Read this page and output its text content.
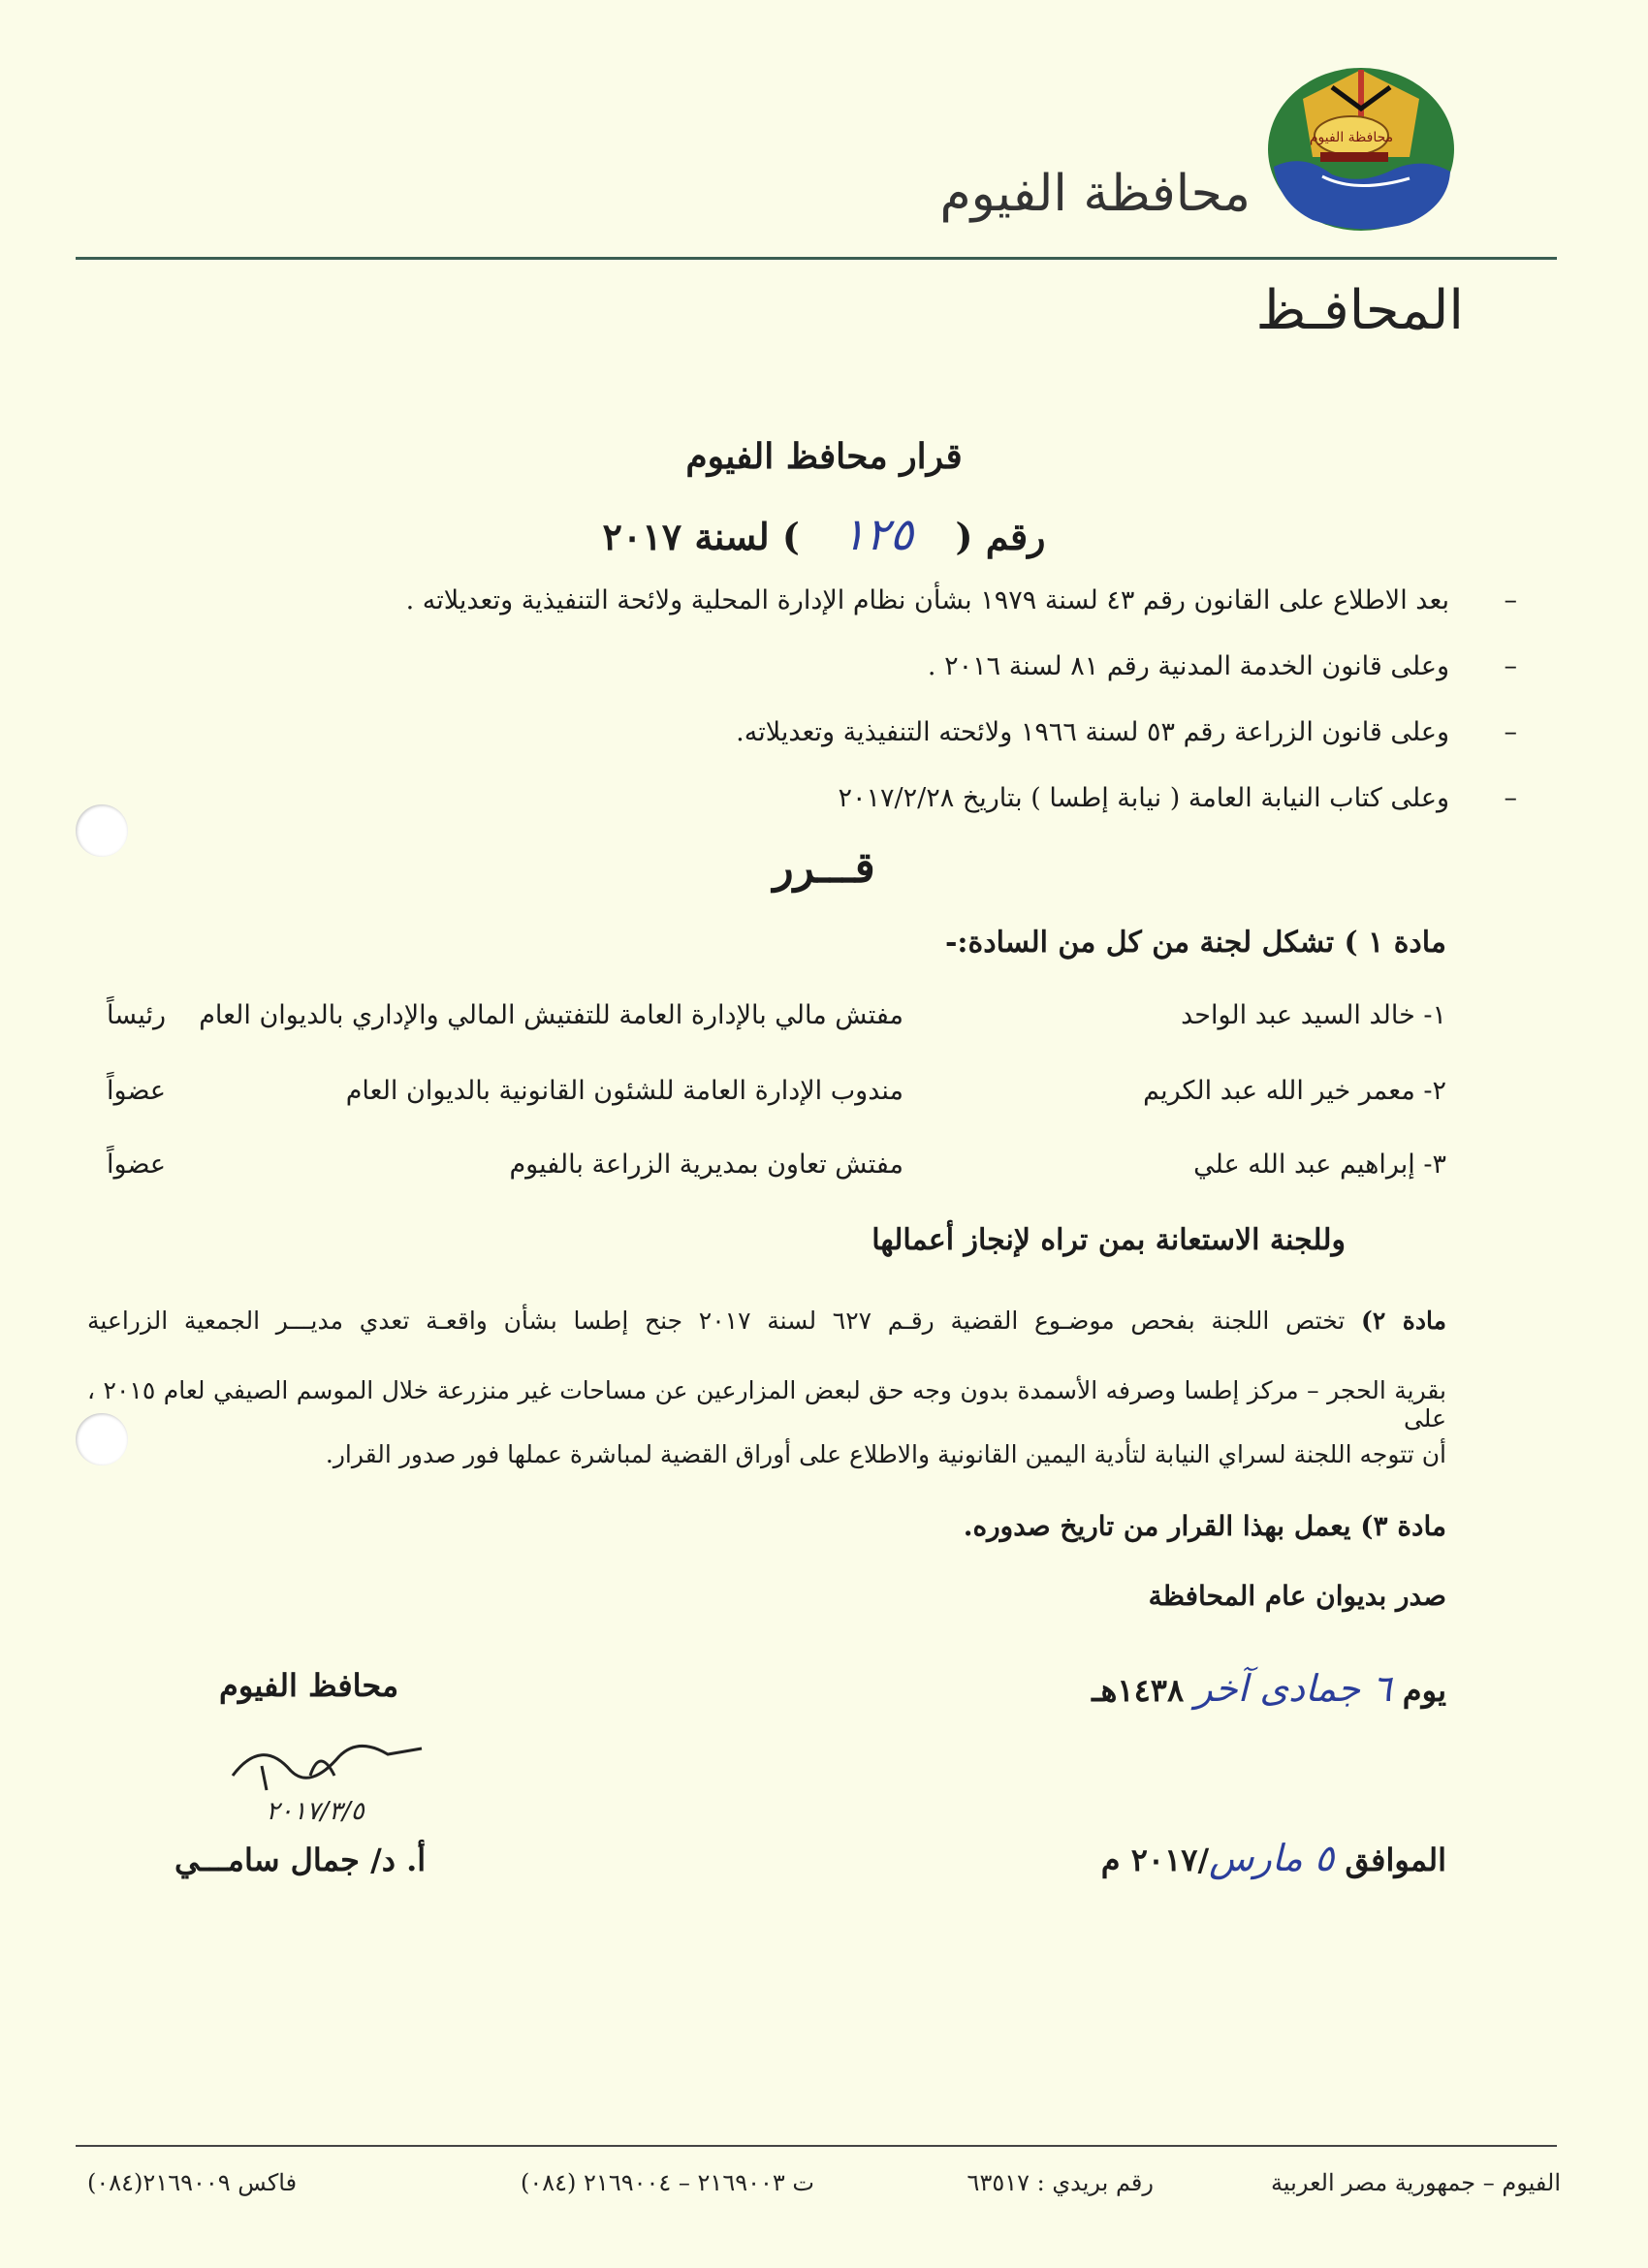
محافظة الفيوم
محافظة الفيوم
المحافـظ
قرار محافظ الفيوم
رقم ( ١٢٥ ) لسنة ٢٠١٧
–
بعد الاطلاع على القانون رقم ٤٣ لسنة ١٩٧٩ بشأن نظام الإدارة المحلية ولائحة التنفيذية وتعديلاته .
–
وعلى قانون الخدمة المدنية رقم ٨١ لسنة ٢٠١٦ .
–
وعلى قانون الزراعة رقم ٥٣ لسنة ١٩٦٦ ولائحته التنفيذية وتعديلاته.
–
وعلى كتاب النيابة العامة ( نيابة إطسا ) بتاريخ ٢٠١٧/٢/٢٨
قـــرر
مادة ١ ) تشكل لجنة من كل من السادة:-
١- خالد السيد عبد الواحد
مفتش مالي بالإدارة العامة للتفتيش المالي والإداري بالديوان العام
رئيساً
٢- معمر خير الله عبد الكريم
مندوب الإدارة العامة للشئون القانونية بالديوان العام
عضواً
٣- إبراهيم عبد الله علي
مفتش تعاون بمديرية الزراعة بالفيوم
عضواً
وللجنة الاستعانة بمن تراه لإنجاز أعمالها
مادة ٢) تختص اللجنة بفحص موضـوع القضية رقـم ٦٢٧ لسنة ٢٠١٧ جنح إطسا بشأن واقعـة تعدي مديـــر الجمعية الزراعية
بقرية الحجر – مركز إطسا وصرفه الأسمدة بدون وجه حق لبعض المزارعين عن مساحات غير منزرعة خلال الموسم الصيفي لعام ٢٠١٥ ، على
أن تتوجه اللجنة لسراي النيابة لتأدية اليمين القانونية والاطلاع على أوراق القضية لمباشرة عملها فور صدور القرار.
مادة ٣) يعمل بهذا القرار من تاريخ صدوره.
صدر بديوان عام المحافظة
يوم ٦ جمادى آخر ١٤٣٨هـ
الموافق ٥ مارس/٢٠١٧ م
محافظ الفيوم
٢٠١٧/٣/٥
أ. د/ جمال سامـــي
الفيوم – جمهورية مصر العربية
رقم بريدي : ٦٣٥١٧
ت ٢١٦٩٠٠٣ – ٢١٦٩٠٠٤ (٠٨٤)
فاكس ٢١٦٩٠٠٩(٠٨٤)
